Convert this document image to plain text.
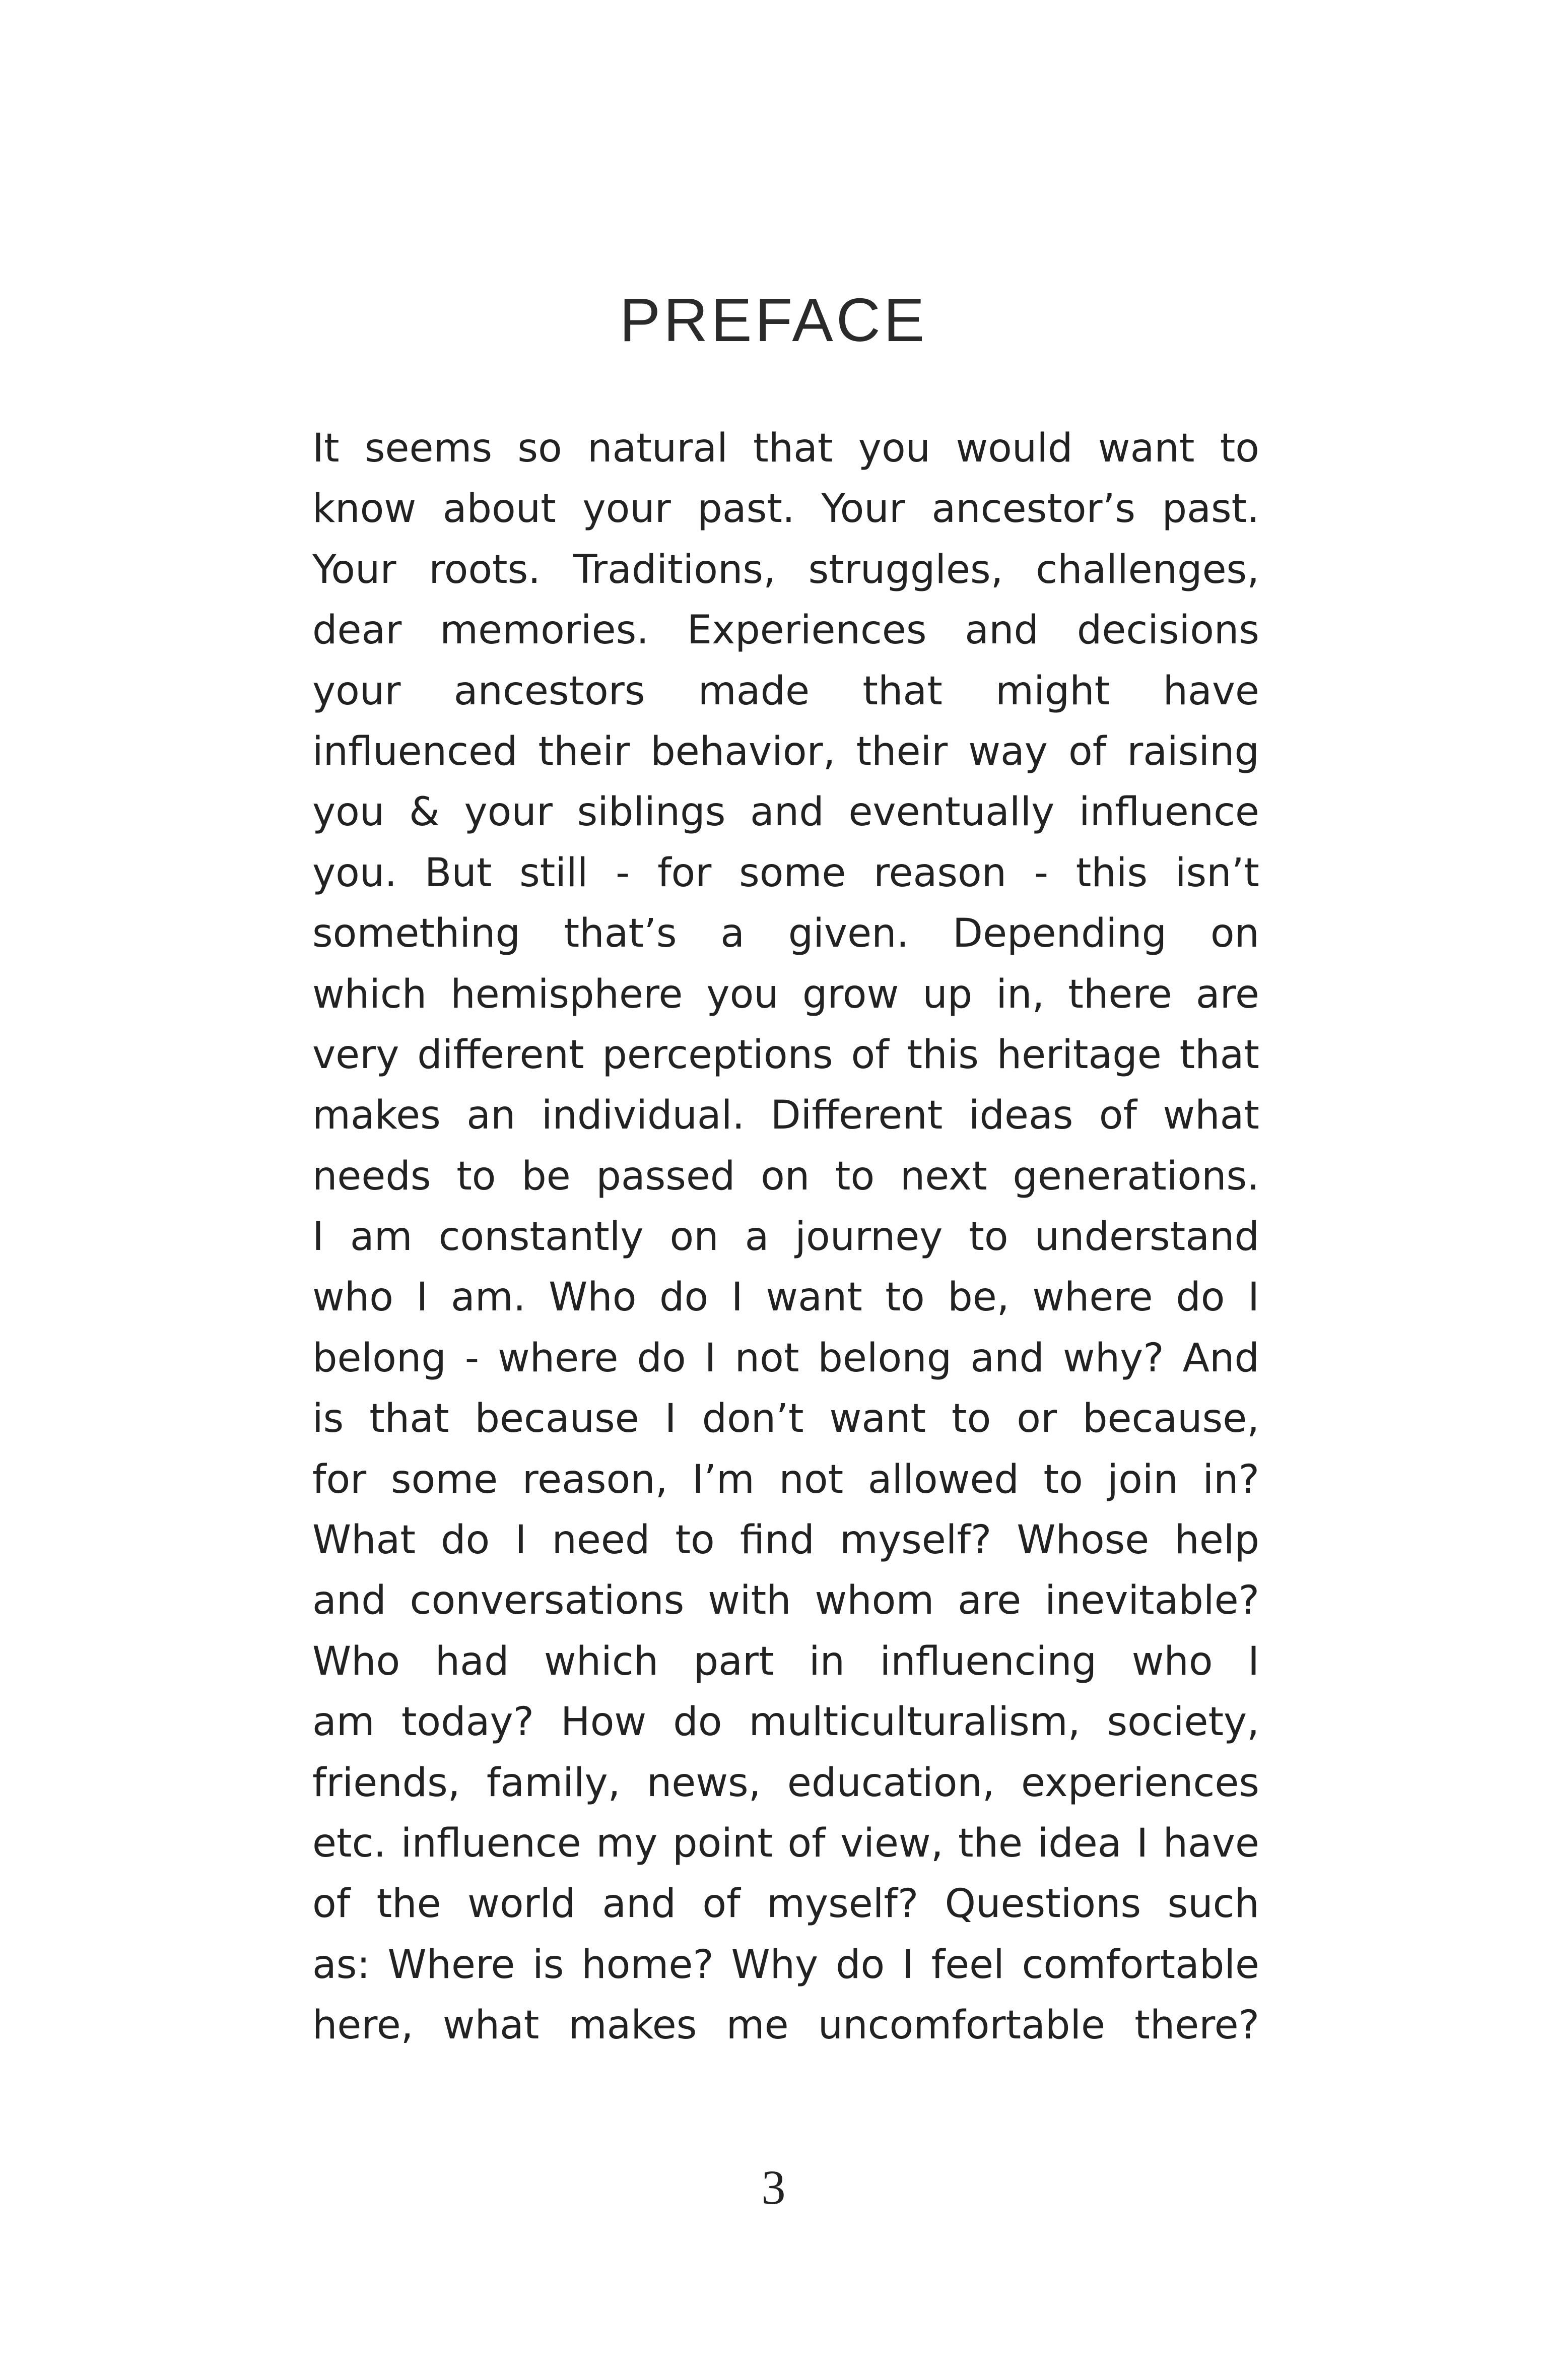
PREFACE
It seems so natural that you would want to
know about your past. Your ancestor’s past.
Your roots. Traditions, struggles, challenges,
dear memories. Experiences and decisions
your ancestors made that might have
influenced their behavior, their way of raising
you & your siblings and eventually influence
you. But still - for some reason - this isn’t
something that’s a given. Depending on
which hemisphere you grow up in, there are
very different perceptions of this heritage that
makes an individual. Different ideas of what
needs to be passed on to next generations.
I am constantly on a journey to understand
who I am. Who do I want to be, where do I
belong - where do I not belong and why? And
is that because I don’t want to or because,
for some reason, I’m not allowed to join in?
What do I need to find myself? Whose help
and conversations with whom are inevitable?
Who had which part in influencing who I
am today? How do multiculturalism, society,
friends, family, news, education, experiences
etc. influence my point of view, the idea I have
of the world and of myself? Questions such
as: Where is home? Why do I feel comfortable
here, what makes me uncomfortable there?
3
